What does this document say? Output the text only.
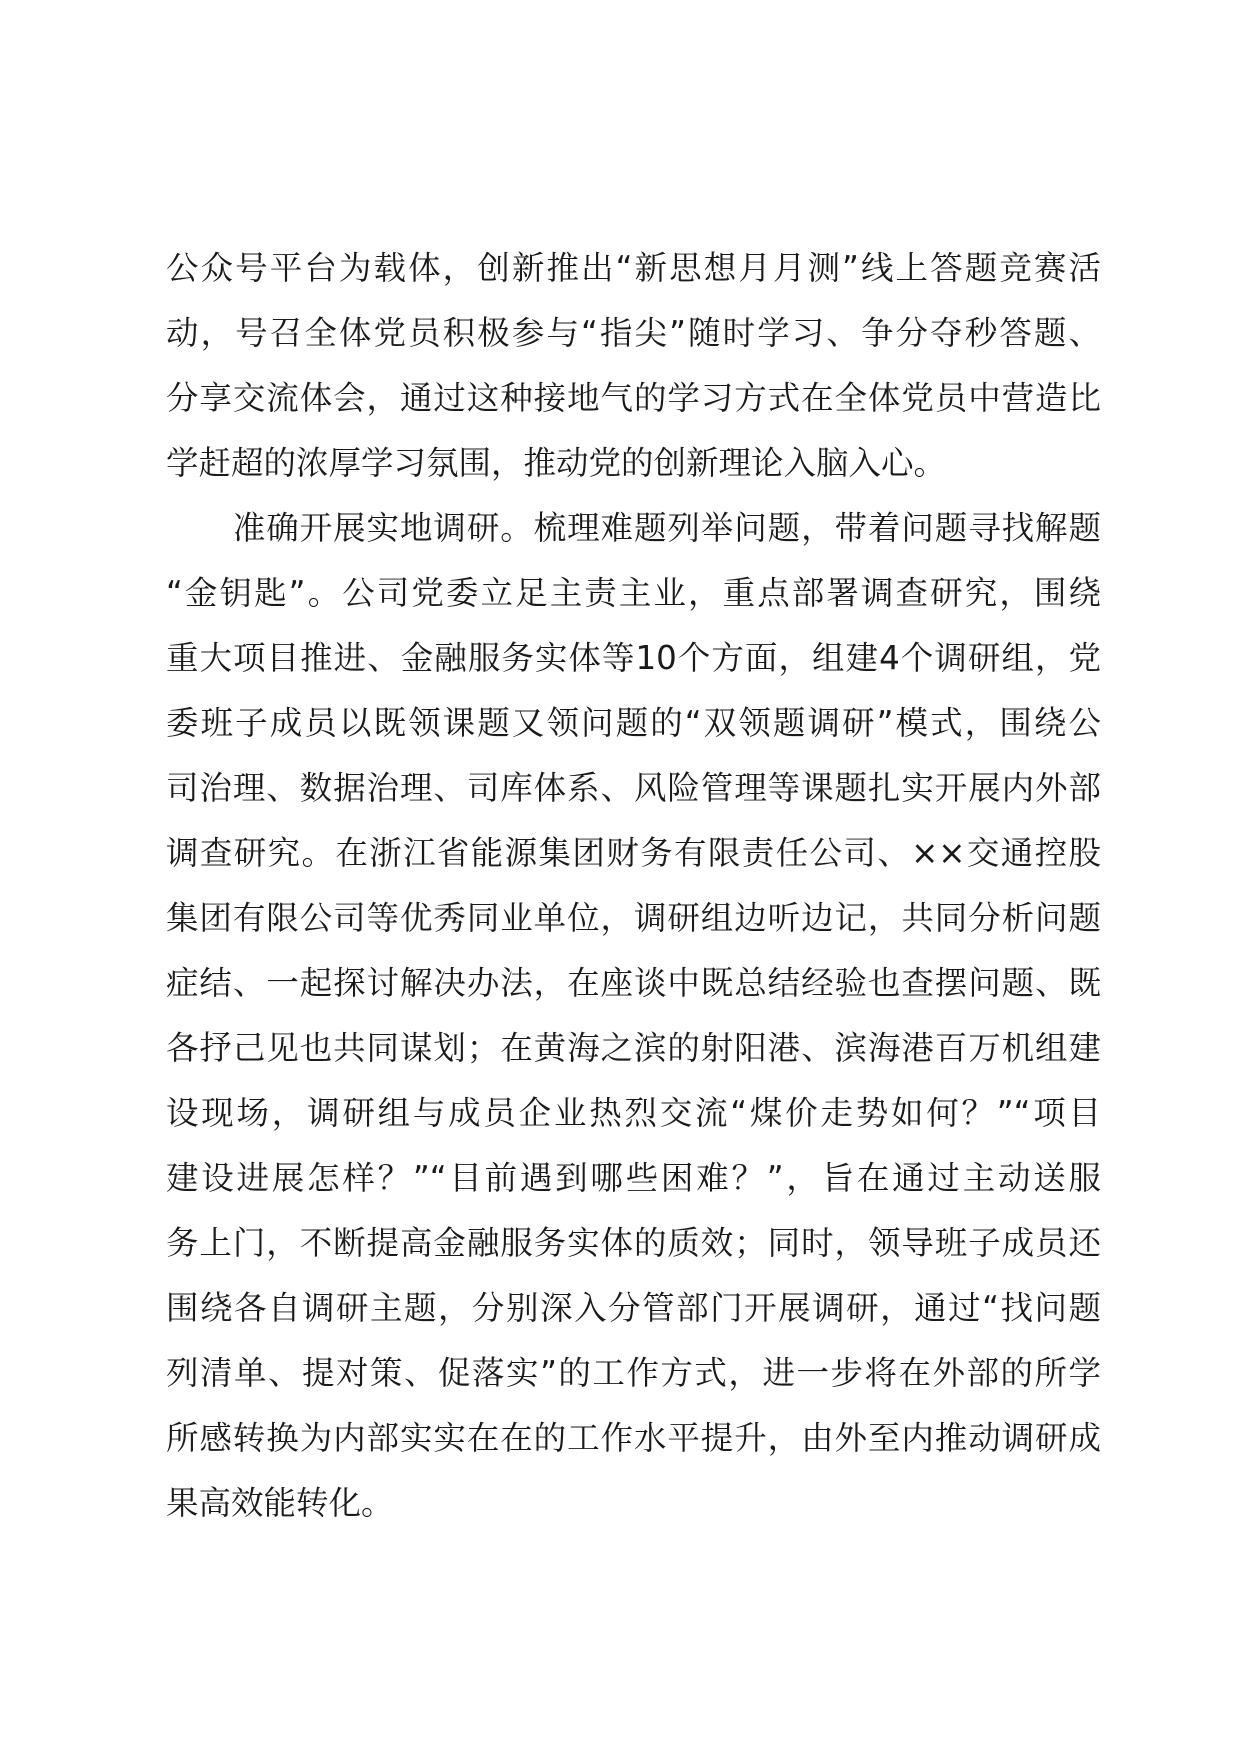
公众号平台为载体，创新推出“新思想月月测”线上答题竞赛活
动，号召全体党员积极参与“指尖”随时学习、争分夺秒答题、
分享交流体会，通过这种接地气的学习方式在全体党员中营造比
学赶超的浓厚学习氛围，推动党的创新理论入脑入心。
　　准确开展实地调研。梳理难题列举问题，带着问题寻找解题
“金钥匙”。公司党委立足主责主业，重点部署调查研究，围绕
重大项目推进、金融服务实体等10个方面，组建4个调研组，党
委班子成员以既领课题又领问题的“双领题调研”模式，围绕公
司治理、数据治理、司库体系、风险管理等课题扎实开展内外部
调查研究。在浙江省能源集团财务有限责任公司、××交通控股
集团有限公司等优秀同业单位，调研组边听边记，共同分析问题
症结、一起探讨解决办法，在座谈中既总结经验也查摆问题、既
各抒己见也共同谋划；在黄海之滨的射阳港、滨海港百万机组建
设现场，调研组与成员企业热烈交流“煤价走势如何？”“项目
建设进展怎样？”“目前遇到哪些困难？”，旨在通过主动送服
务上门，不断提高金融服务实体的质效；同时，领导班子成员还
围绕各自调研主题，分别深入分管部门开展调研，通过“找问题
列清单、提对策、促落实”的工作方式，进一步将在外部的所学
所感转换为内部实实在在的工作水平提升，由外至内推动调研成
果高效能转化。
